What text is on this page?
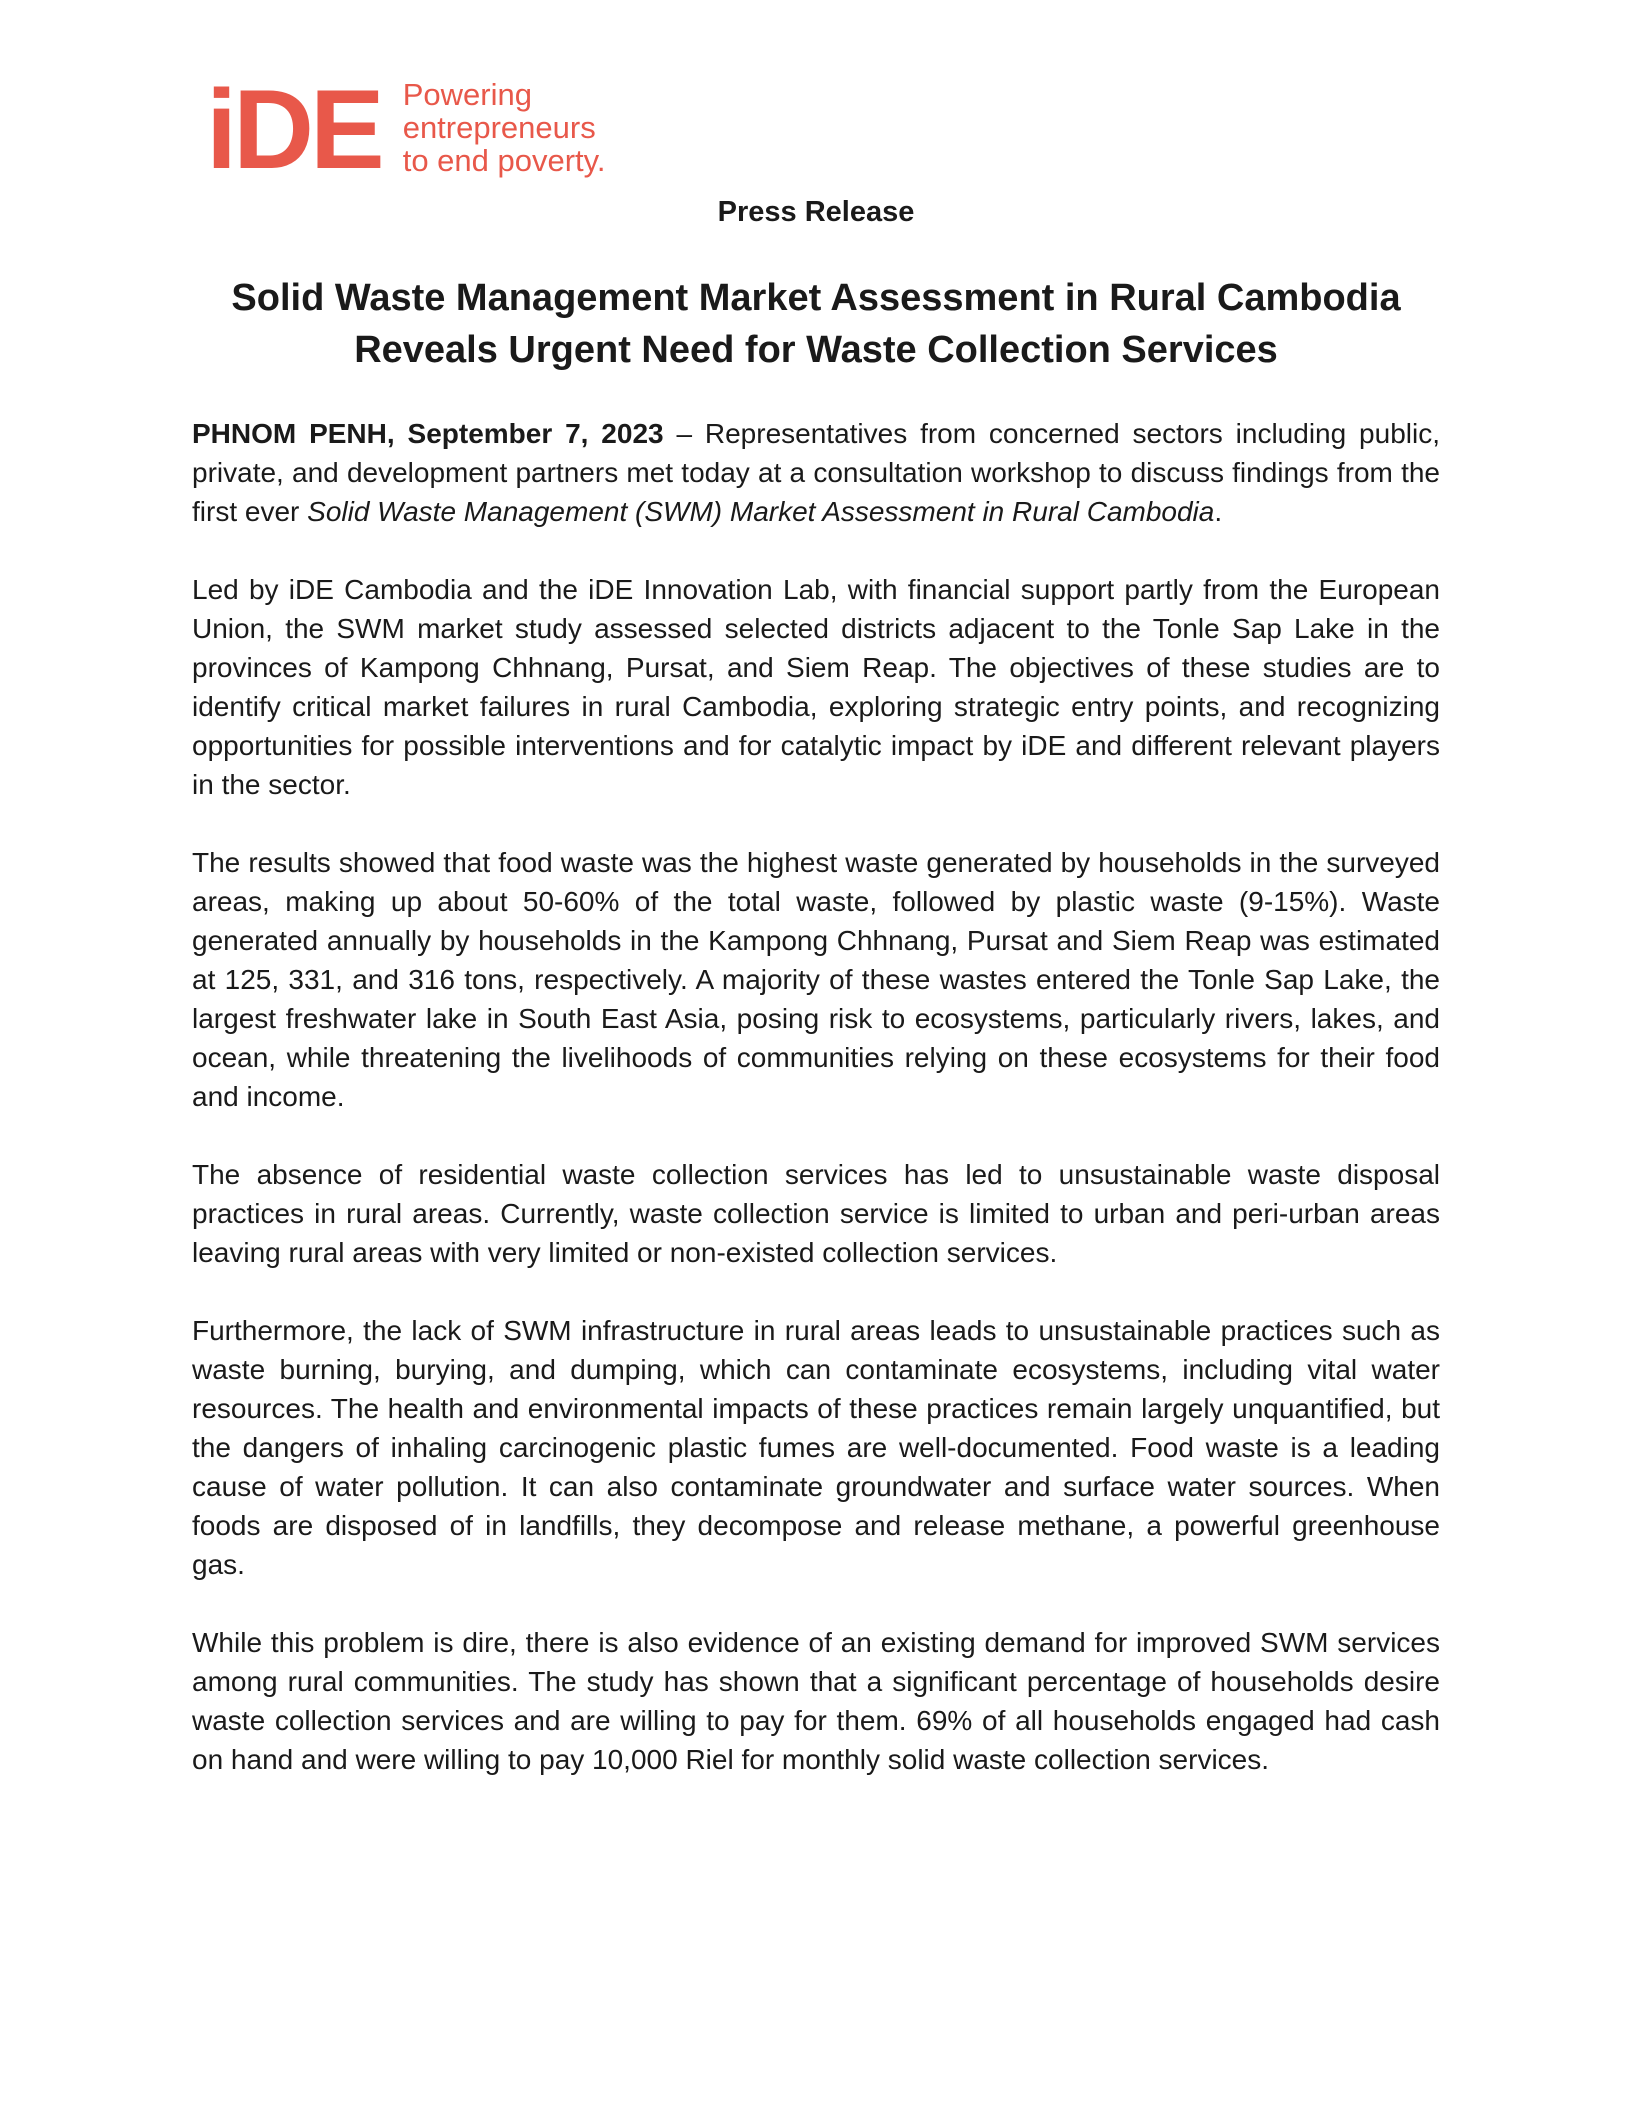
iDE Powering
entrepreneurs
to end poverty.
Press Release
Solid Waste Management Market Assessment in Rural Cambodia Reveals Urgent Need for Waste Collection Services

PHNOM PENH, September 7, 2023 – Representatives from concerned sectors including public, private, and development partners met today at a consultation workshop to discuss findings from the first ever Solid Waste Management (SWM) Market Assessment in Rural Cambodia.

Led by iDE Cambodia and the iDE Innovation Lab, with financial support partly from the European Union, the SWM market study assessed selected districts adjacent to the Tonle Sap Lake in the provinces of Kampong Chhnang, Pursat, and Siem Reap. The objectives of these studies are to identify critical market failures in rural Cambodia, exploring strategic entry points, and recognizing opportunities for possible interventions and for catalytic impact by iDE and different relevant players in the sector.

The results showed that food waste was the highest waste generated by households in the surveyed areas, making up about 50-60% of the total waste, followed by plastic waste (9-15%). Waste generated annually by households in the Kampong Chhnang, Pursat and Siem Reap was estimated at 125, 331, and 316 tons, respectively. A majority of these wastes entered the Tonle Sap Lake, the largest freshwater lake in South East Asia, posing risk to ecosystems, particularly rivers, lakes, and ocean, while threatening the livelihoods of communities relying on these ecosystems for their food and income.

The absence of residential waste collection services has led to unsustainable waste disposal practices in rural areas. Currently, waste collection service is limited to urban and peri-urban areas leaving rural areas with very limited or non-existed collection services.

Furthermore, the lack of SWM infrastructure in rural areas leads to unsustainable practices such as waste burning, burying, and dumping, which can contaminate ecosystems, including vital water resources. The health and environmental impacts of these practices remain largely unquantified, but the dangers of inhaling carcinogenic plastic fumes are well-documented. Food waste is a leading cause of water pollution. It can also contaminate groundwater and surface water sources. When foods are disposed of in landfills, they decompose and release methane, a powerful greenhouse gas.

While this problem is dire, there is also evidence of an existing demand for improved SWM services among rural communities. The study has shown that a significant percentage of households desire waste collection services and are willing to pay for them. 69% of all households engaged had cash on hand and were willing to pay 10,000 Riel for monthly solid waste collection services.
